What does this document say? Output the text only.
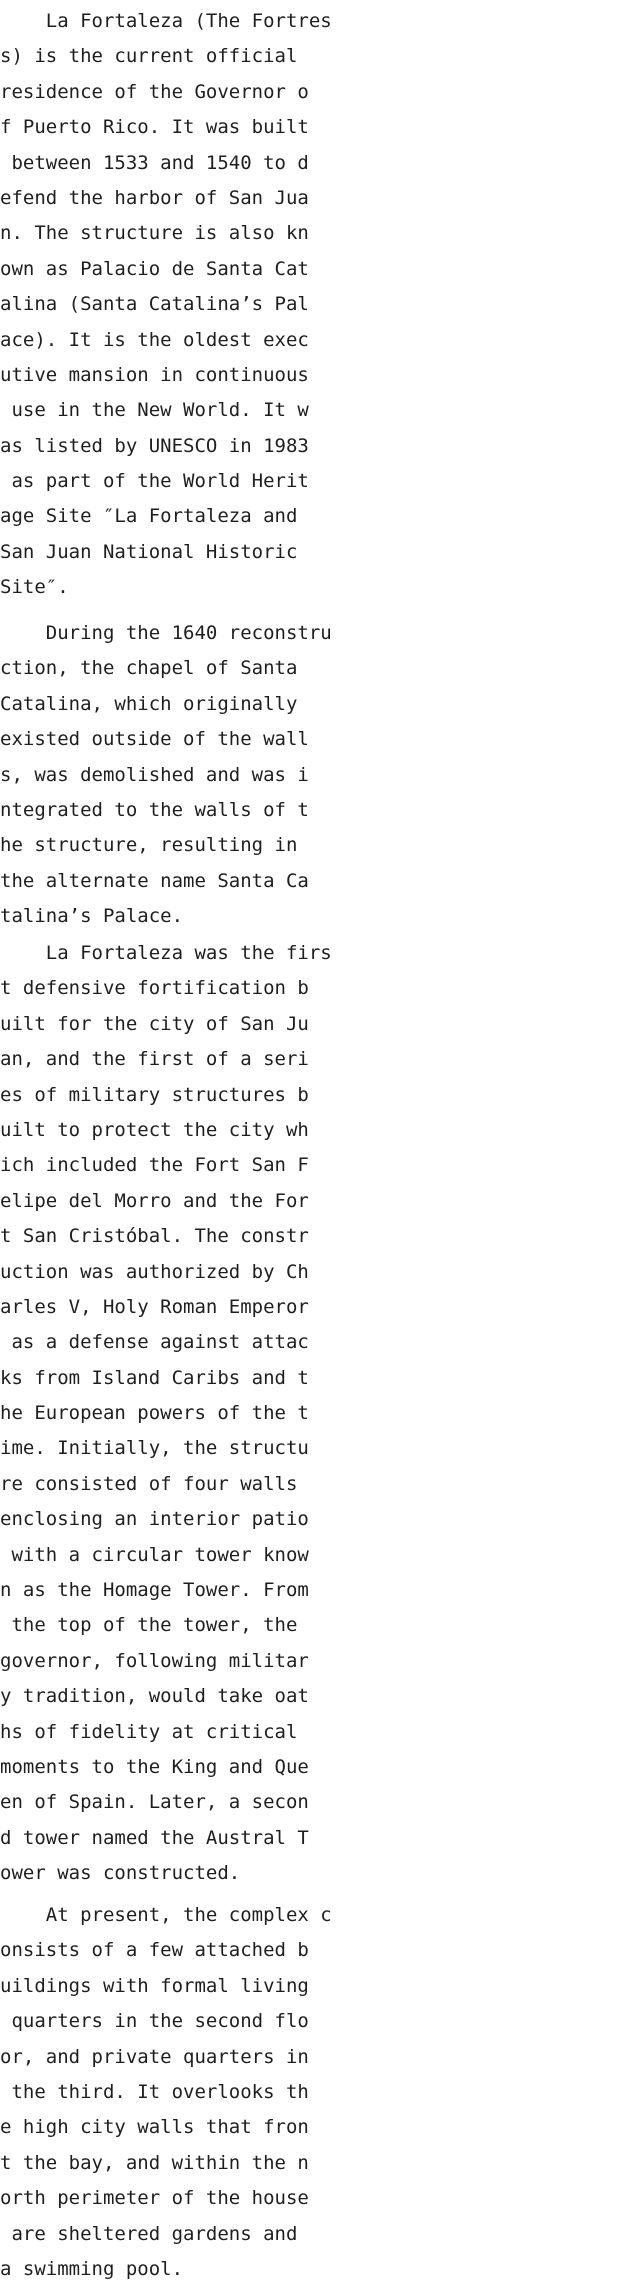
La Fortaleza (The Fortres
s) is the current official
residence of the Governor o
f Puerto Rico. It was built
between 1533 and 1540 to d
efend the harbor of San Jua
n. The structure is also kn
own as Palacio de Santa Cat
alina (Santa Catalina’s Pal
ace). It is the oldest exec
utive mansion in continuous
use in the New World. It w
as listed by UNESCO in 1983
as part of the World Herit
age Site ″La Fortaleza and
San Juan National Historic
Site″.
During the 1640 reconstru
ction, the chapel of Santa
Catalina, which originally
existed outside of the wall
s, was demolished and was i
ntegrated to the walls of t
he structure, resulting in
the alternate name Santa Ca
talina’s Palace.
La Fortaleza was the firs
t defensive fortification b
uilt for the city of San Ju
an, and the first of a seri
es of military structures b
uilt to protect the city wh
ich included the Fort San F
elipe del Morro and the For
t San Cristóbal. The constr
uction was authorized by Ch
arles V, Holy Roman Emperor
as a defense against attac
ks from Island Caribs and t
he European powers of the t
ime. Initially, the structu
re consisted of four walls
enclosing an interior patio
with a circular tower know
n as the Homage Tower. From
the top of the tower, the
governor, following militar
y tradition, would take oat
hs of fidelity at critical
moments to the King and Que
en of Spain. Later, a secon
d tower named the Austral T
ower was constructed.
At present, the complex c
onsists of a few attached b
uildings with formal living
quarters in the second flo
or, and private quarters in
the third. It overlooks th
e high city walls that fron
t the bay, and within the n
orth perimeter of the house
are sheltered gardens and
a swimming pool.
